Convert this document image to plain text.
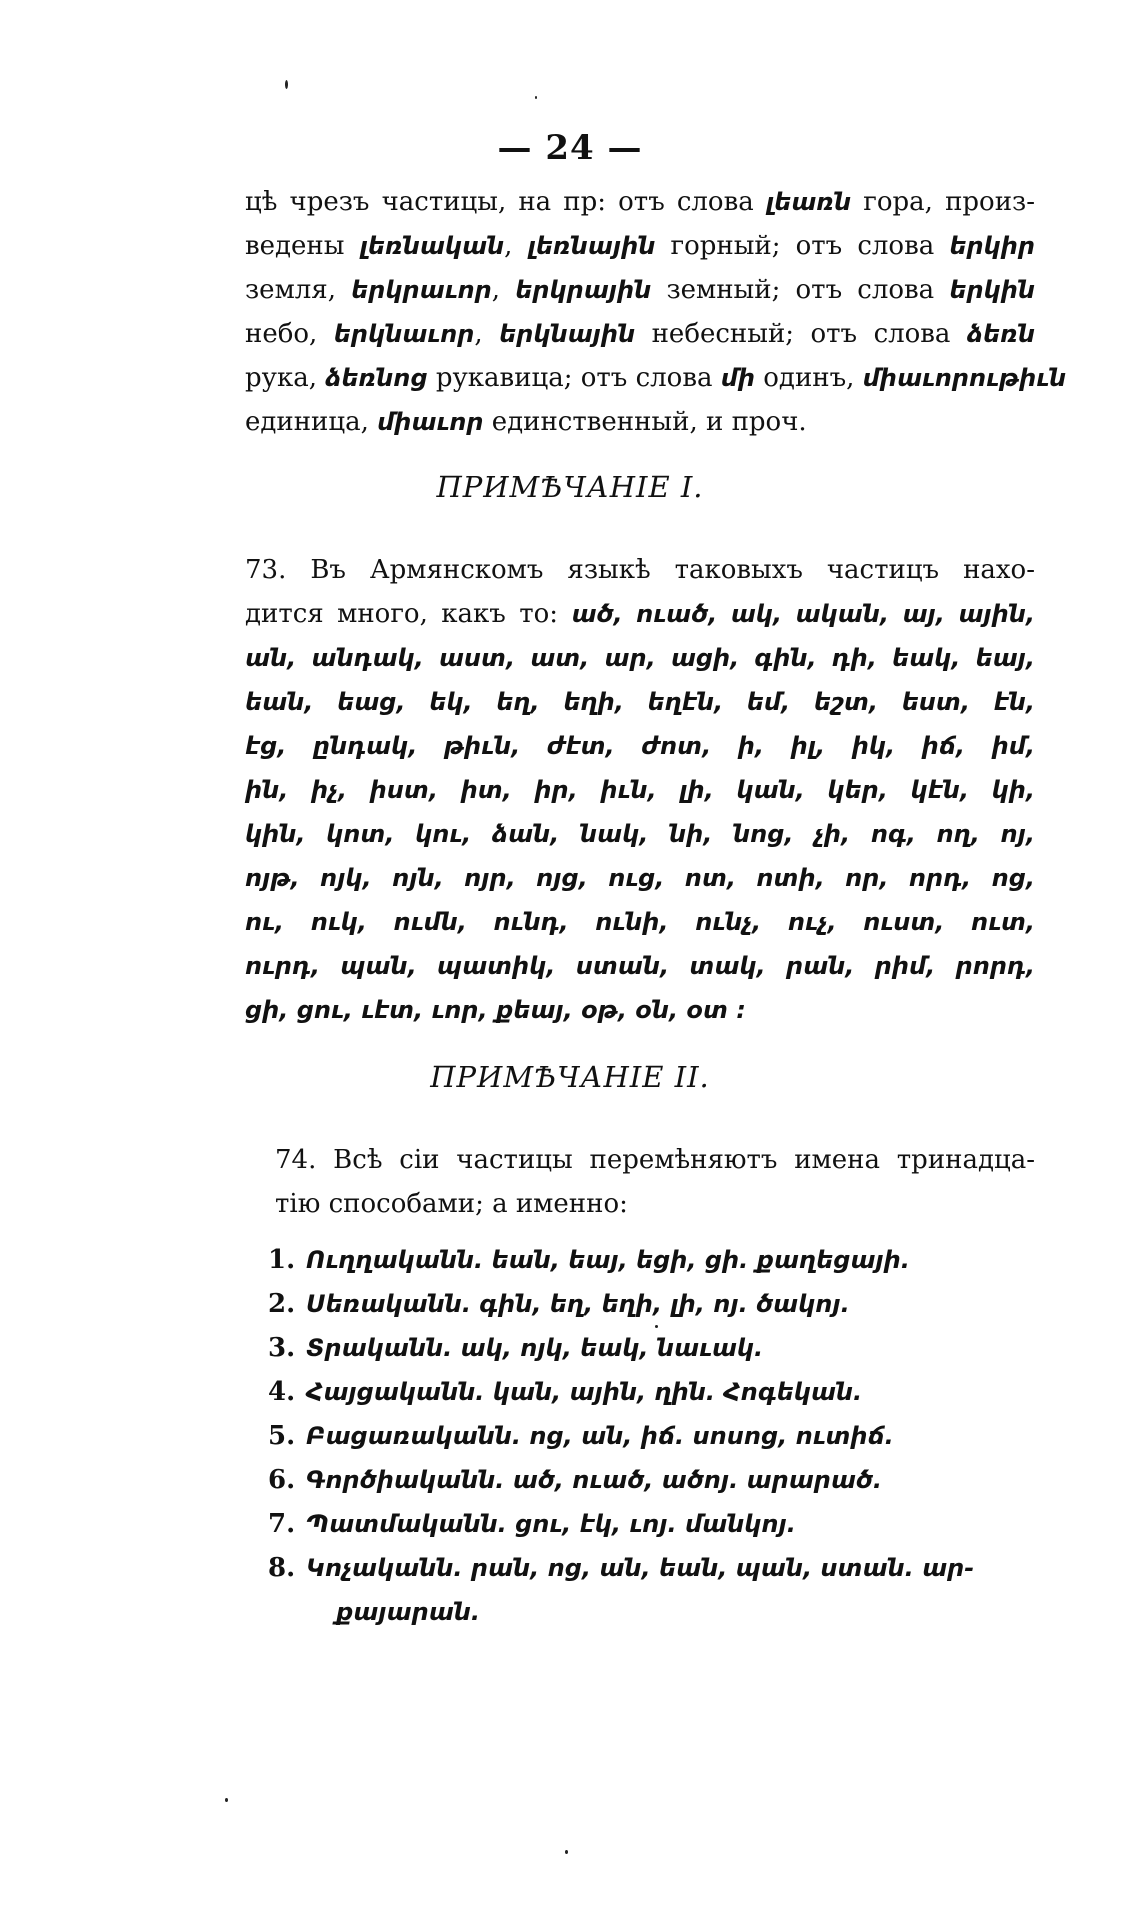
— 24 —
цѣ чрезъ частицы, на пр: отъ слова լեառն гора, произ-
ведены լեռնական, լեռնային горный; отъ слова երկիր
земля, երկրաւոր, երկրային земный; отъ слова երկին
небо, երկնաւոր, երկնային небесный; отъ слова ձեռն
рука, ձեռնոց рукавица; отъ слова մի одинъ, միաւորութիւն
единица, միաւոր единственный, и проч.
ПРИМѢЧАНІЕ I.
73. Въ Армянскомъ языкѣ таковыхъ частицъ нахо-
дится много, какъ то: ած, ուած, ակ, ական, այ, ային,
ան, անդակ, աստ, ատ, ար, ացի, գին, դի, եակ, եայ,
եան, եաց, եկ, եղ, եղի, եղէն, եմ, եշտ, եստ, էն,
էց, ընդակ, թիւն, ժէտ, ժոտ, ի, իլ, իկ, իճ, իմ,
ին, իչ, իստ, իտ, իր, իւն, լի, կան, կեր, կէն, կի,
կին, կոտ, կու, ձան, նակ, նի, նոց, չի, ոգ, ող, ոյ,
ոյթ, ոյկ, ոյն, ոյր, ոյց, ուց, ոտ, ոտի, որ, որդ, ոց,
ու, ուկ, ումն, ունդ, ունի, ունչ, ուչ, ուստ, ուտ,
ուրդ, պան, պատիկ, ստան, տակ, րան, րիմ, րորդ,
ցի, ցու, ւէտ, ւոր, քեայ, օթ, օն, օտ ։
ПРИМѢЧАНІЕ II.
74. Всѣ сіи частицы перемѣняютъ имена тринадца-
тію способами; а именно:
1. Ուղղականն. եան, եայ, եցի, ցի. քաղեցայի.
2. Սեռականն. գին, եղ, եղի, լի, ոյ. ծակոյ.
3. Տրականն. ակ, ոյկ, եակ, նաւակ.
4. Հայցականն. կան, ային, ղին. Հոգեկան.
5. Բացառականն. ոց, ան, իճ. սոսոց, ուտիճ.
6. Գործիականն. ած, ուած, ածոյ. արարած.
7. Պատմականն. ցու, էկ, ւոյ. մանկոյ.
8. Կոչականն. րան, ոց, ան, եան, պան, ստան. ար-
քայարան.
